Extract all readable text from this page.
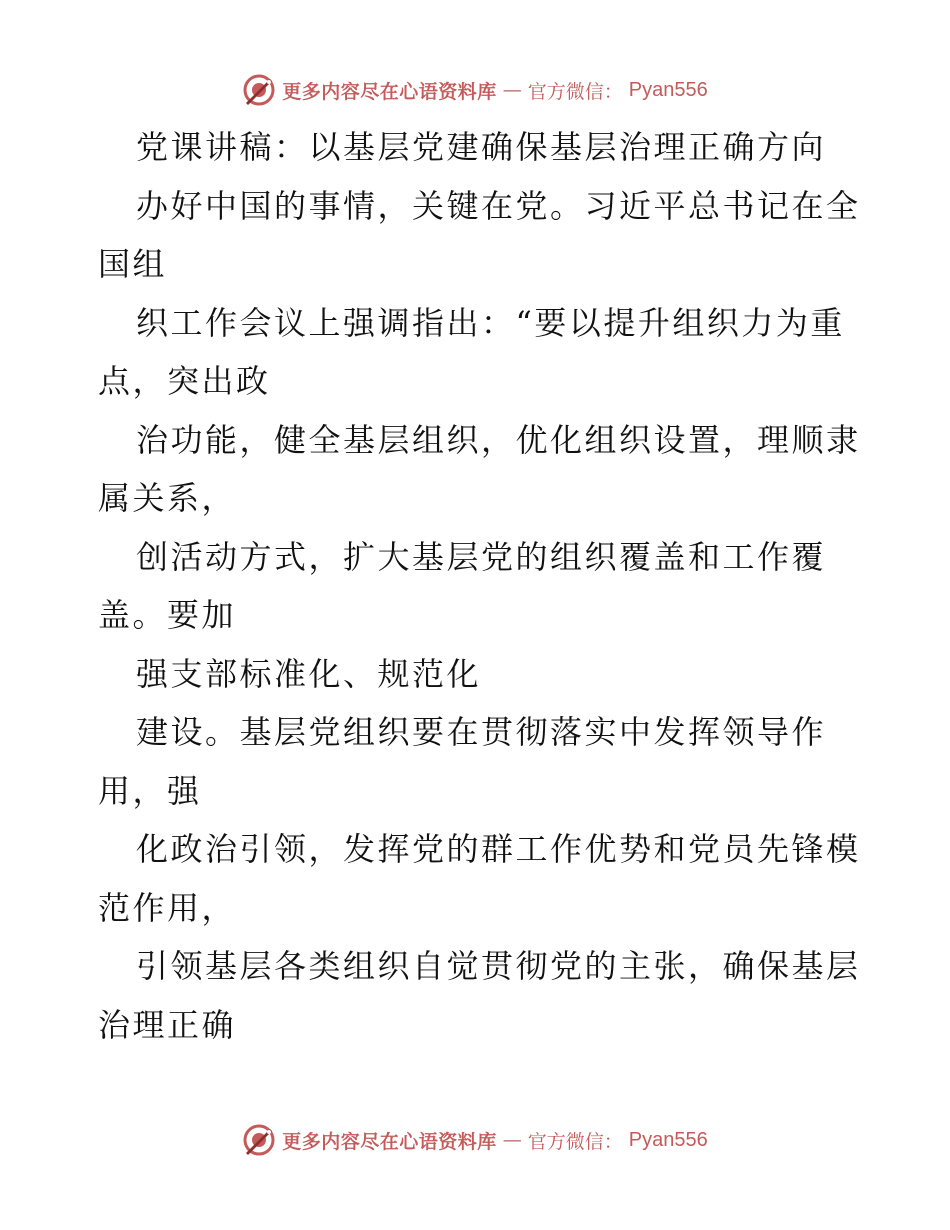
更多内容尽在心语资料库 — 官方微信： Pyan556

党课讲稿：以基层党建确保基层治理正确方向

办好中国的事情，关键在党。习近平总书记在全

国组

织工作会议上强调指出：“要以提升组织力为重

点，突出政

治功能，健全基层组织，优化组织设置，理顺隶

属关系，

创活动方式，扩大基层党的组织覆盖和工作覆

盖。要加

强支部标准化、规范化

建设。基层党组织要在贯彻落实中发挥领导作

用，强

化政治引领，发挥党的群工作优势和党员先锋模

范作用，

引领基层各类组织自觉贯彻党的主张，确保基层

治理正确

更多内容尽在心语资料库 — 官方微信： Pyan556
